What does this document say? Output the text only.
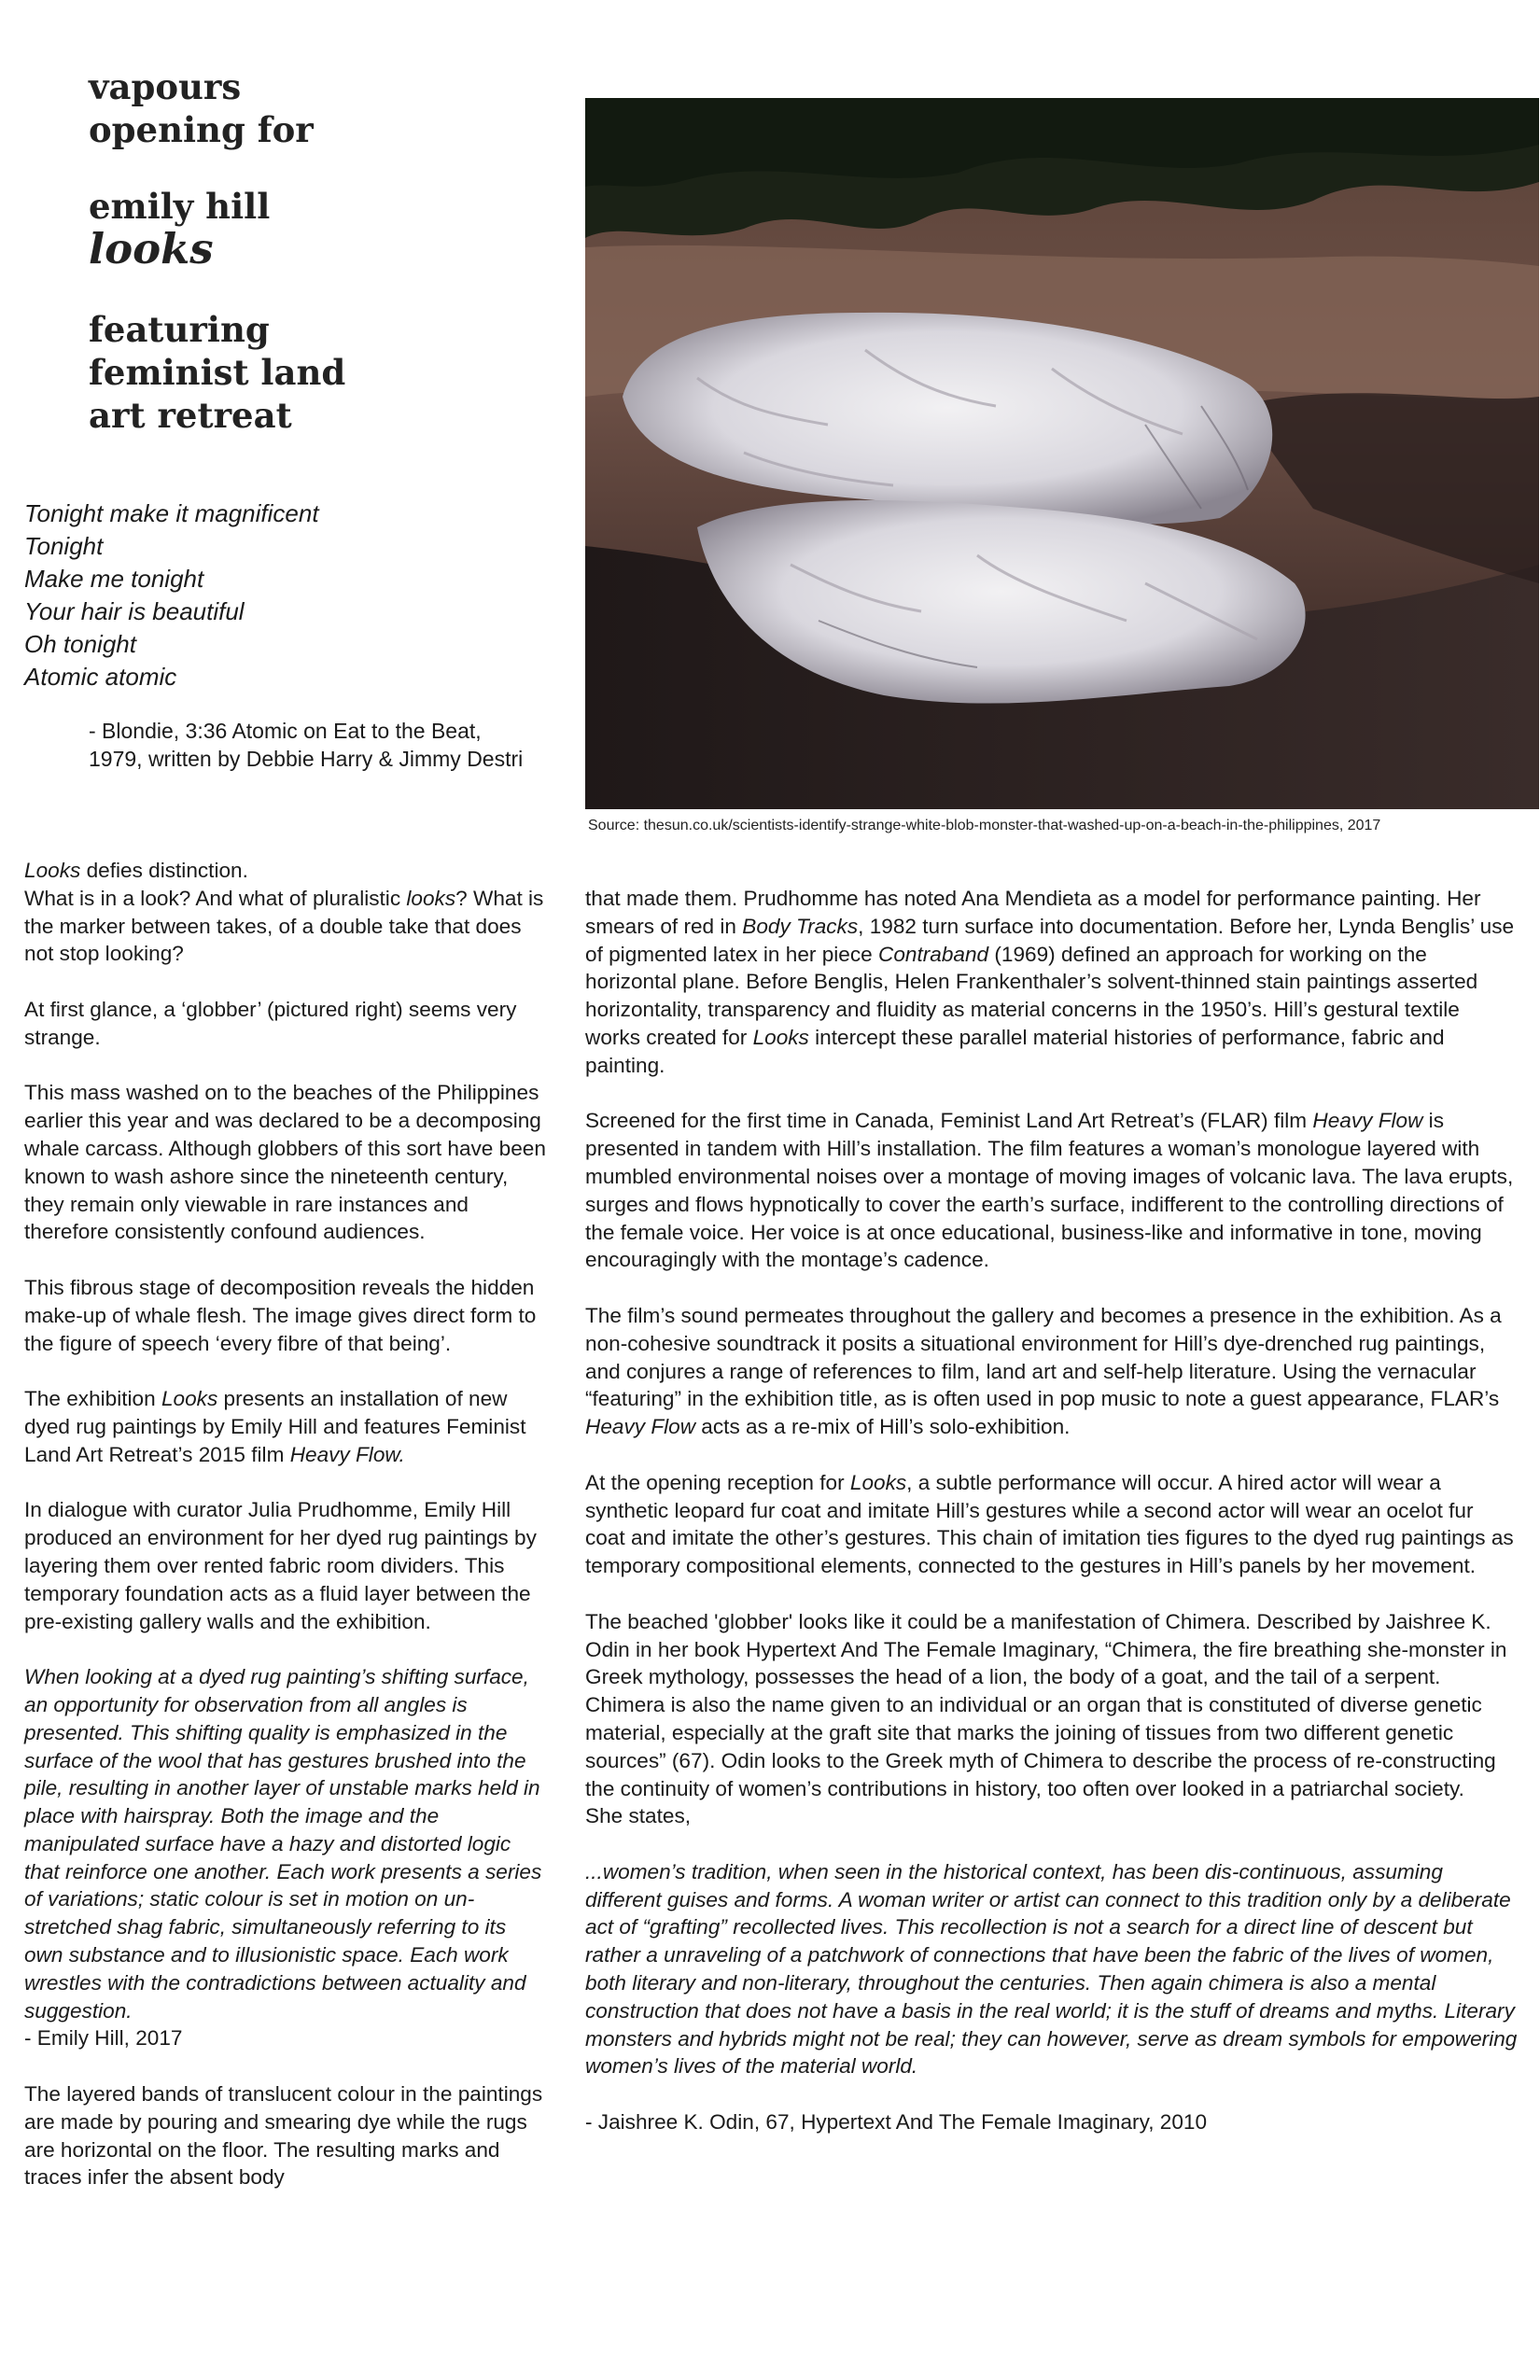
vapours
opening for
emily hill
looks
featuring
feminist land
art retreat
Tonight make it magnificent
Tonight
Make me tonight
Your hair is beautiful
Oh tonight
Atomic atomic
- Blondie, 3:36 Atomic on Eat to the Beat, 1979, written by Debbie Harry & Jimmy Destri
Source: thesun.co.uk/scientists-identify-strange-white-blob-monster-that-washed-up-on-a-beach-in-the-philippines, 2017

Looks defies distinction.
What is in a look? And what of pluralistic looks? What is the marker between takes, of a double take that does not stop looking?

At first glance, a ‘globber’ (pictured right) seems very strange.

This mass washed on to the beaches of the Philippines earlier this year and was declared to be a decomposing whale carcass. Although globbers of this sort have been known to wash ashore since the nineteenth century, they remain only viewable in rare instances and therefore consistently confound audiences.

This fibrous stage of decomposition reveals the hidden make-up of whale flesh. The image gives direct form to the figure of speech ‘every fibre of that being’.

The exhibition Looks presents an installation of new dyed rug paintings by Emily Hill and features Feminist Land Art Retreat’s 2015 film Heavy Flow.

In dialogue with curator Julia Prudhomme, Emily Hill produced an environment for her dyed rug paintings by layering them over rented fabric room dividers. This temporary foundation acts as a fluid layer between the pre-existing gallery walls and the exhibition.

When looking at a dyed rug painting’s shifting surface, an opportunity for observation from all angles is presented. This shifting quality is emphasized in the surface of the wool that has gestures brushed into the pile, resulting in another layer of unstable marks held in place with hairspray. Both the image and the manipulated surface have a hazy and distorted logic that reinforce one another. Each work presents a series of variations; static colour is set in motion on un-stretched shag fabric, simultaneously referring to its own substance and to illusionistic space. Each work wrestles with the contradictions between actuality and suggestion.
- Emily Hill, 2017

The layered bands of translucent colour in the paintings are made by pouring and smearing dye while the rugs are horizontal on the floor. The resulting marks and traces infer the absent body

that made them. Prudhomme has noted Ana Mendieta as a model for performance painting. Her smears of red in Body Tracks, 1982 turn surface into documentation. Before her, Lynda Benglis’ use of pigmented latex in her piece Contraband (1969) defined an approach for working on the horizontal plane. Before Benglis, Helen Frankenthaler’s solvent-thinned stain paintings asserted horizontality, transparency and fluidity as material concerns in the 1950’s. Hill’s gestural textile works created for Looks intercept these parallel material histories of performance, fabric and painting.

Screened for the first time in Canada, Feminist Land Art Retreat’s (FLAR) film Heavy Flow is presented in tandem with Hill’s installation. The film features a woman’s monologue layered with mumbled environmental noises over a montage of moving images of volcanic lava. The lava erupts, surges and flows hypnotically to cover the earth’s surface, indifferent to the controlling directions of the female voice. Her voice is at once educational, business-like and informative in tone, moving encouragingly with the montage’s cadence.

The film’s sound permeates throughout the gallery and becomes a presence in the exhibition. As a non-cohesive soundtrack it posits a situational environment for Hill’s dye-drenched rug paintings, and conjures a range of references to film, land art and self-help literature. Using the vernacular “featuring” in the exhibition title, as is often used in pop music to note a guest appearance, FLAR’s Heavy Flow acts as a re-mix of Hill’s solo-exhibition.

At the opening reception for Looks, a subtle performance will occur. A hired actor will wear a synthetic leopard fur coat and imitate Hill’s gestures while a second actor will wear an ocelot fur coat and imitate the other’s gestures. This chain of imitation ties figures to the dyed rug paintings as temporary compositional elements, connected to the gestures in Hill’s panels by her movement.

The beached 'globber' looks like it could be a manifestation of Chimera. Described by Jaishree K. Odin in her book Hypertext And The Female Imaginary, “Chimera, the fire breathing she-monster in Greek mythology, possesses the head of a lion, the body of a goat, and the tail of a serpent. Chimera is also the name given to an individual or an organ that is constituted of diverse genetic material, especially at the graft site that marks the joining of tissues from two different genetic sources” (67). Odin looks to the Greek myth of Chimera to describe the process of re-constructing the continuity of women’s contributions in history, too often over looked in a patriarchal society.
She states,

...women’s tradition, when seen in the historical context, has been dis-continuous, assuming different guises and forms. A woman writer or artist can connect to this tradition only by a deliberate act of “grafting” recollected lives. This recollection is not a search for a direct line of descent but rather a unraveling of a patchwork of connections that have been the fabric of the lives of women, both literary and non-literary, throughout the centuries. Then again chimera is also a mental construction that does not have a basis in the real world; it is the stuff of dreams and myths. Literary monsters and hybrids might not be real; they can however, serve as dream symbols for empowering women’s lives of the material world.

- Jaishree K. Odin, 67, Hypertext And The Female Imaginary, 2010
